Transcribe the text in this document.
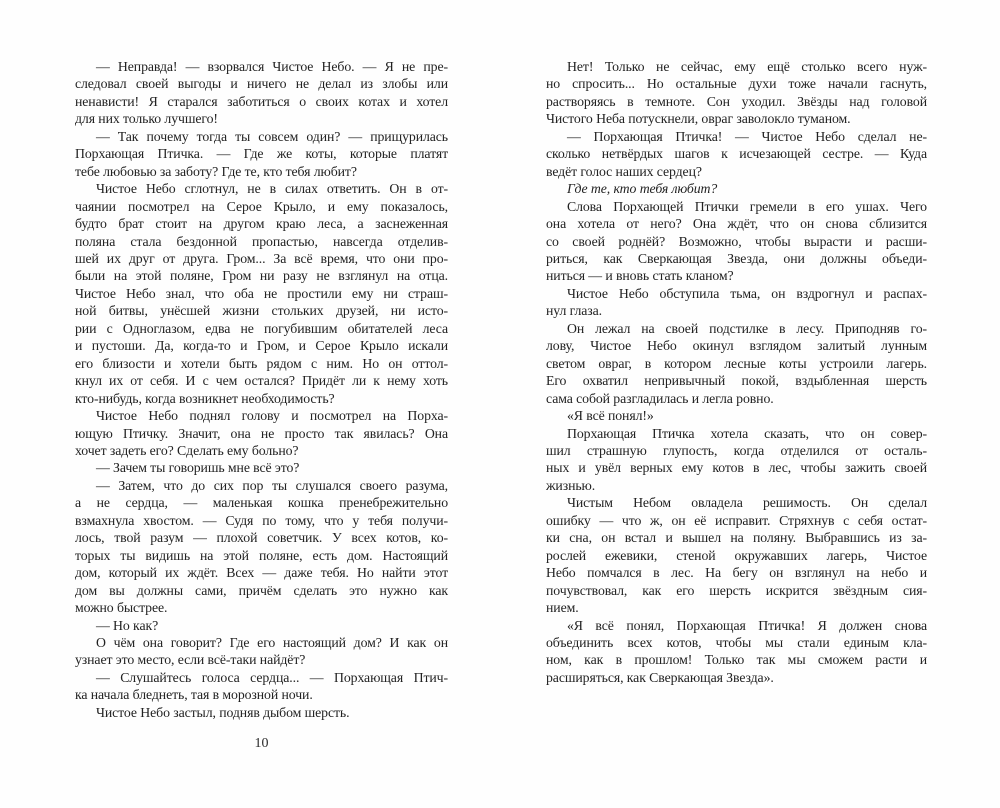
— Неправда! — взорвался Чистое Небо. — Я не пре-
следовал своей выгоды и ничего не делал из злобы или
ненависти! Я старался заботиться о своих котах и хотел
для них только лучшего!
— Так почему тогда ты совсем один? — прищурилась
Порхающая Птичка. — Где же коты, которые платят
тебе любовью за заботу? Где те, кто тебя любит?
Чистое Небо сглотнул, не в силах ответить. Он в от-
чаянии посмотрел на Серое Крыло, и ему показалось,
будто брат стоит на другом краю леса, а заснеженная
поляна стала бездонной пропастью, навсегда отделив-
шей их друг от друга. Гром... За всё время, что они про-
были на этой поляне, Гром ни разу не взглянул на отца.
Чистое Небо знал, что оба не простили ему ни страш-
ной битвы, унёсшей жизни стольких друзей, ни исто-
рии с Одноглазом, едва не погубившим обитателей леса
и пустоши. Да, когда-то и Гром, и Серое Крыло искали
его близости и хотели быть рядом с ним. Но он оттол-
кнул их от себя. И с чем остался? Придёт ли к нему хоть
кто-нибудь, когда возникнет необходимость?
Чистое Небо поднял голову и посмотрел на Порха-
ющую Птичку. Значит, она не просто так явилась? Она
хочет задеть его? Сделать ему больно?
— Зачем ты говоришь мне всё это?
— Затем, что до сих пор ты слушался своего разума,
а не сердца, — маленькая кошка пренебрежительно
взмахнула хвостом. — Судя по тому, что у тебя получи-
лось, твой разум — плохой советчик. У всех котов, ко-
торых ты видишь на этой поляне, есть дом. Настоящий
дом, который их ждёт. Всех — даже тебя. Но найти этот
дом вы должны сами, причём сделать это нужно как
можно быстрее.
— Но как?
О чём она говорит? Где его настоящий дом? И как он
узнает это место, если всё-таки найдёт?
— Слушайтесь голоса сердца... — Порхающая Птич-
ка начала бледнеть, тая в морозной ночи.
Чистое Небо застыл, подняв дыбом шерсть.
10
Нет! Только не сейчас, ему ещё столько всего нуж-
но спросить... Но остальные духи тоже начали гаснуть,
растворяясь в темноте. Сон уходил. Звёзды над головой
Чистого Неба потускнели, овраг заволокло туманом.
— Порхающая Птичка! — Чистое Небо сделал не-
сколько нетвёрдых шагов к исчезающей сестре. — Куда
ведёт голос наших сердец?
Где те, кто тебя любит?
Слова Порхающей Птички гремели в его ушах. Чего
она хотела от него? Она ждёт, что он снова сблизится
со своей роднёй? Возможно, чтобы вырасти и расши-
риться, как Сверкающая Звезда, они должны объеди-
ниться — и вновь стать кланом?
Чистое Небо обступила тьма, он вздрогнул и распах-
нул глаза.
Он лежал на своей подстилке в лесу. Приподняв го-
лову, Чистое Небо окинул взглядом залитый лунным
светом овраг, в котором лесные коты устроили лагерь.
Его охватил непривычный покой, вздыбленная шерсть
сама собой разгладилась и легла ровно.
«Я всё понял!»
Порхающая Птичка хотела сказать, что он совер-
шил страшную глупость, когда отделился от осталь-
ных и увёл верных ему котов в лес, чтобы зажить своей
жизнью.
Чистым Небом овладела решимость. Он сделал
ошибку — что ж, он её исправит. Стряхнув с себя остат-
ки сна, он встал и вышел на поляну. Выбравшись из за-
рослей ежевики, стеной окружавших лагерь, Чистое
Небо помчался в лес. На бегу он взглянул на небо и
почувствовал, как его шерсть искрится звёздным сия-
нием.
«Я всё понял, Порхающая Птичка! Я должен снова
объединить всех котов, чтобы мы стали единым кла-
ном, как в прошлом! Только так мы сможем расти и
расширяться, как Сверкающая Звезда».
